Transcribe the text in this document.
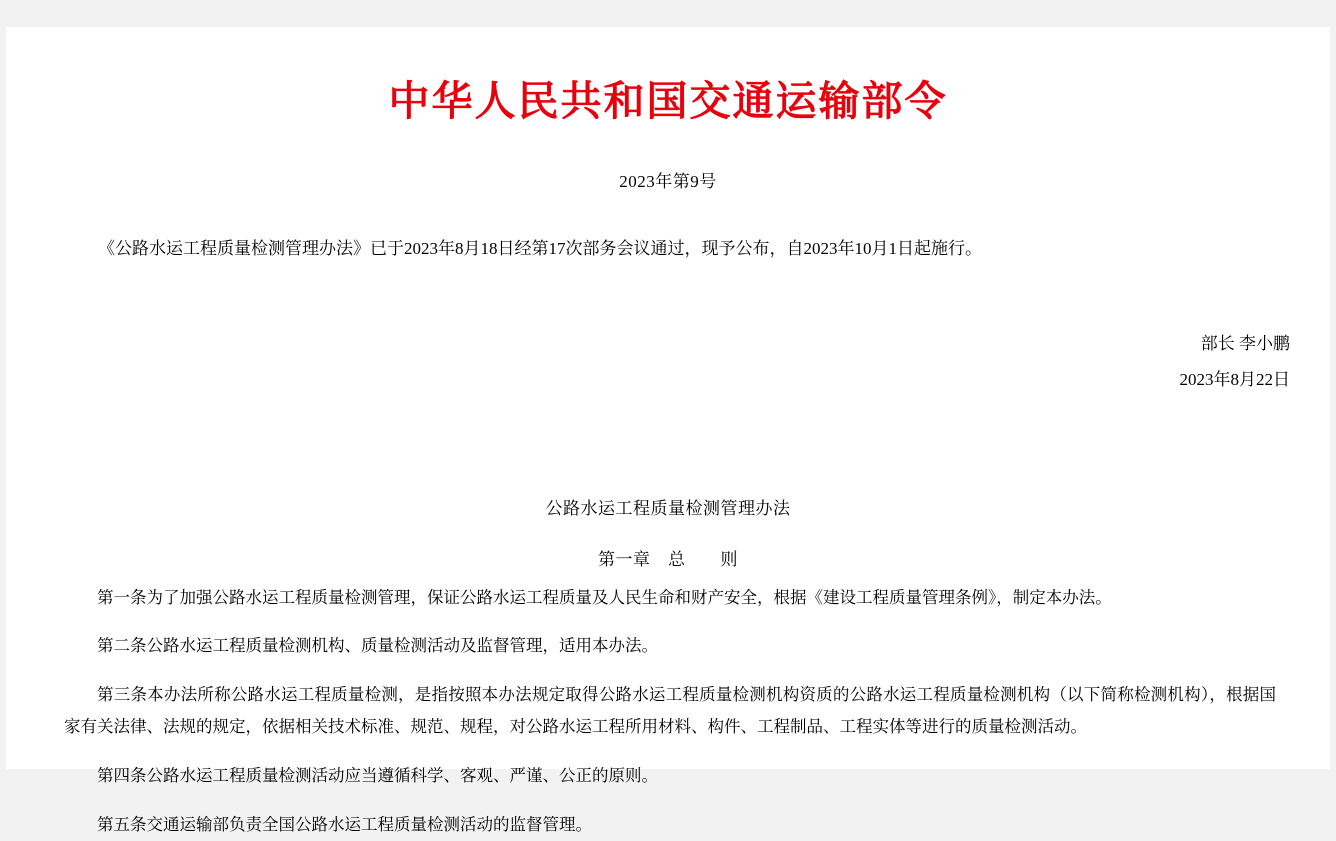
中华人民共和国交通运输部令
2023年第9号

《公路水运工程质量检测管理办法》已于2023年8月18日经第17次部务会议通过，现予公布，自2023年10月1日起施行。

部长 李小鹏
2023年8月22日
公路水运工程质量检测管理办法
第一章　总　　则

第一条为了加强公路水运工程质量检测管理，保证公路水运工程质量及人民生命和财产安全，根据《建设工程质量管理条例》，制定本办法。

第二条公路水运工程质量检测机构、质量检测活动及监督管理，适用本办法。

第三条本办法所称公路水运工程质量检测，是指按照本办法规定取得公路水运工程质量检测机构资质的公路水运工程质量检测机构（以下简称检测机构），根据国家有关法律、法规的规定，依据相关技术标准、规范、规程，对公路水运工程所用材料、构件、工程制品、工程实体等进行的质量检测活动。

第四条公路水运工程质量检测活动应当遵循科学、客观、严谨、公正的原则。

第五条交通运输部负责全国公路水运工程质量检测活动的监督管理。
